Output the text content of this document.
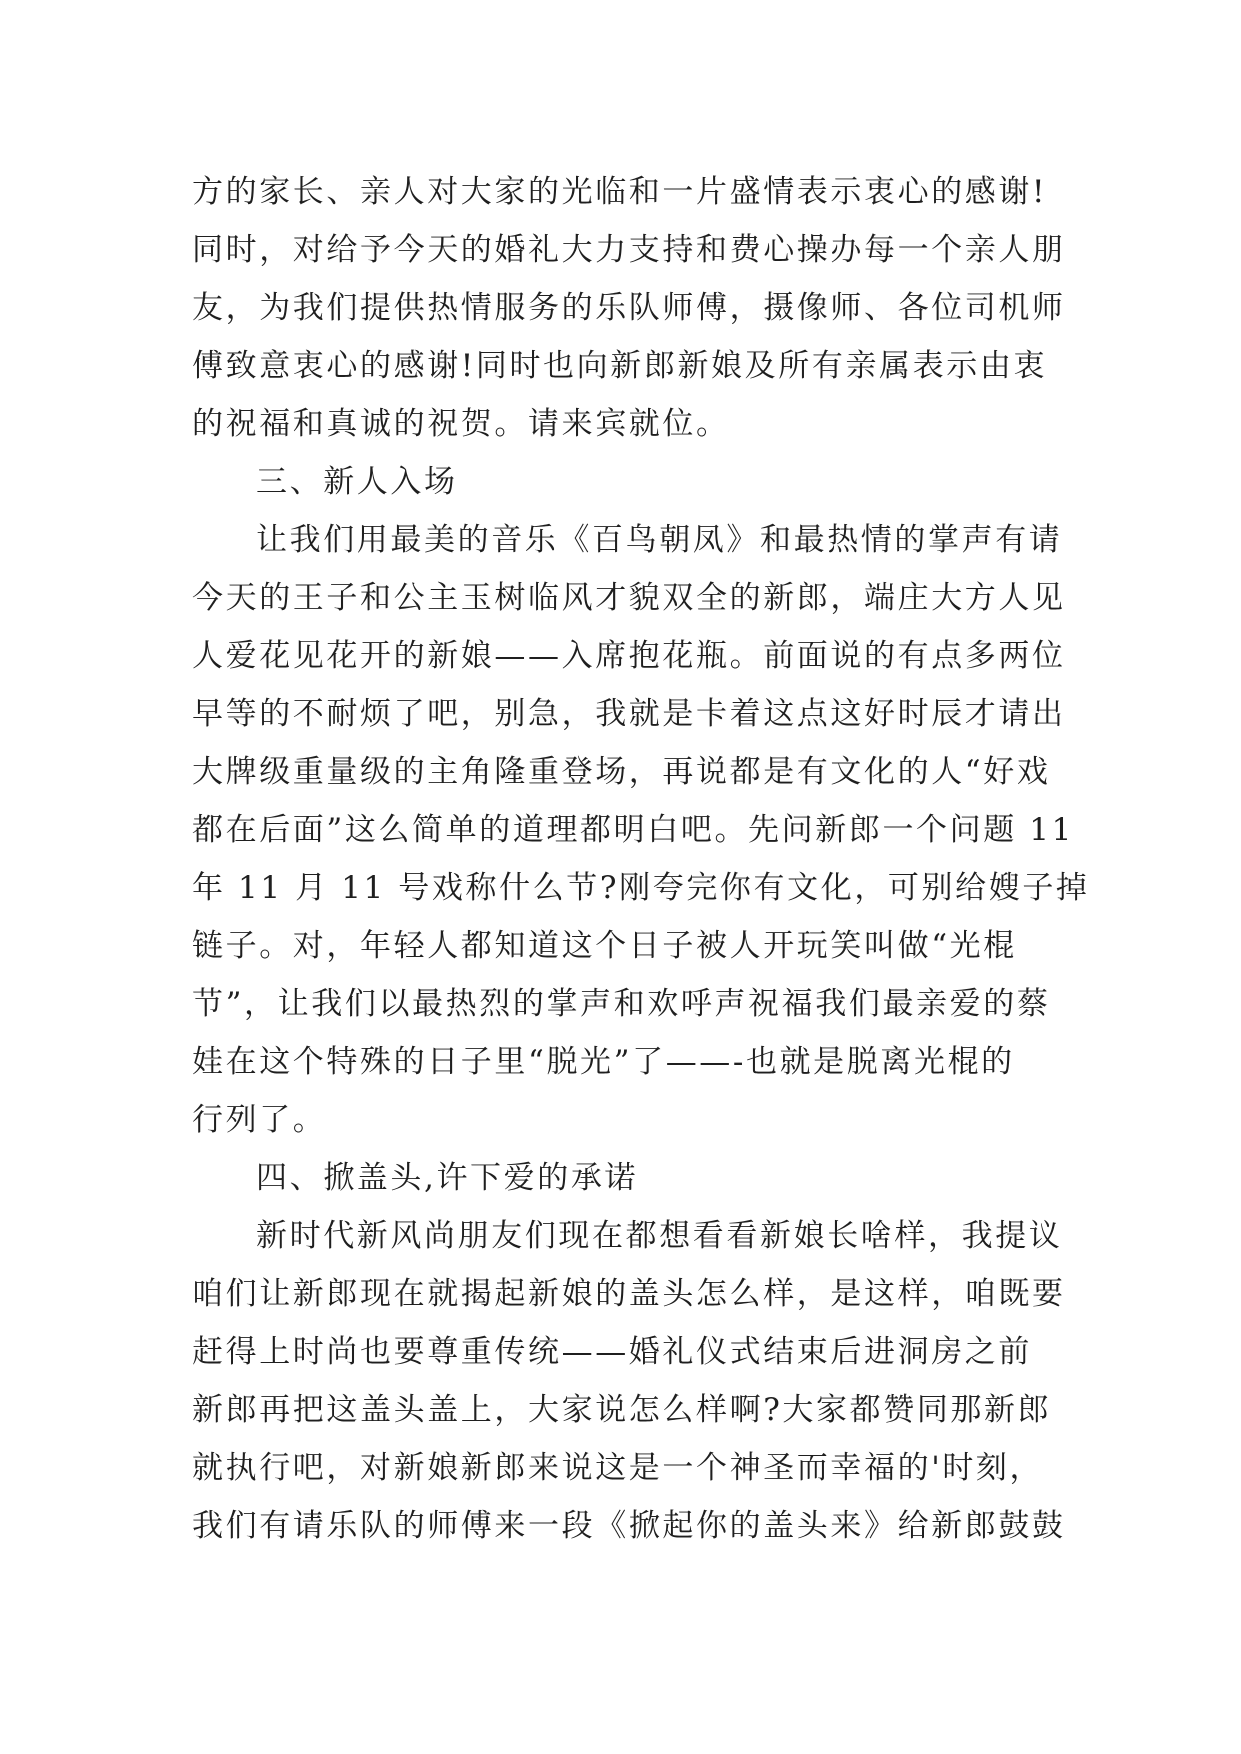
方的家长、亲人对大家的光临和一片盛情表示衷心的感谢!
同时，对给予今天的婚礼大力支持和费心操办每一个亲人朋
友，为我们提供热情服务的乐队师傅，摄像师、各位司机师
傅致意衷心的感谢!同时也向新郎新娘及所有亲属表示由衷
的祝福和真诚的祝贺。请来宾就位。
三、新人入场
让我们用最美的音乐《百鸟朝凤》和最热情的掌声有请
今天的王子和公主玉树临风才貌双全的新郎，端庄大方人见
人爱花见花开的新娘——入席抱花瓶。前面说的有点多两位
早等的不耐烦了吧，别急，我就是卡着这点这好时辰才请出
大牌级重量级的主角隆重登场，再说都是有文化的人“好戏
都在后面”这么简单的道理都明白吧。先问新郎一个问题 11
年 11 月 11 号戏称什么节?刚夸完你有文化，可别给嫂子掉
链子。对，年轻人都知道这个日子被人开玩笑叫做“光棍
节”，让我们以最热烈的掌声和欢呼声祝福我们最亲爱的蔡
娃在这个特殊的日子里“脱光”了——-也就是脱离光棍的
行列了。
四、掀盖头,许下爱的承诺
新时代新风尚朋友们现在都想看看新娘长啥样，我提议
咱们让新郎现在就揭起新娘的盖头怎么样，是这样，咱既要
赶得上时尚也要尊重传统——婚礼仪式结束后进洞房之前
新郎再把这盖头盖上，大家说怎么样啊?大家都赞同那新郎
就执行吧，对新娘新郎来说这是一个神圣而幸福的'时刻，
我们有请乐队的师傅来一段《掀起你的盖头来》给新郎鼓鼓
